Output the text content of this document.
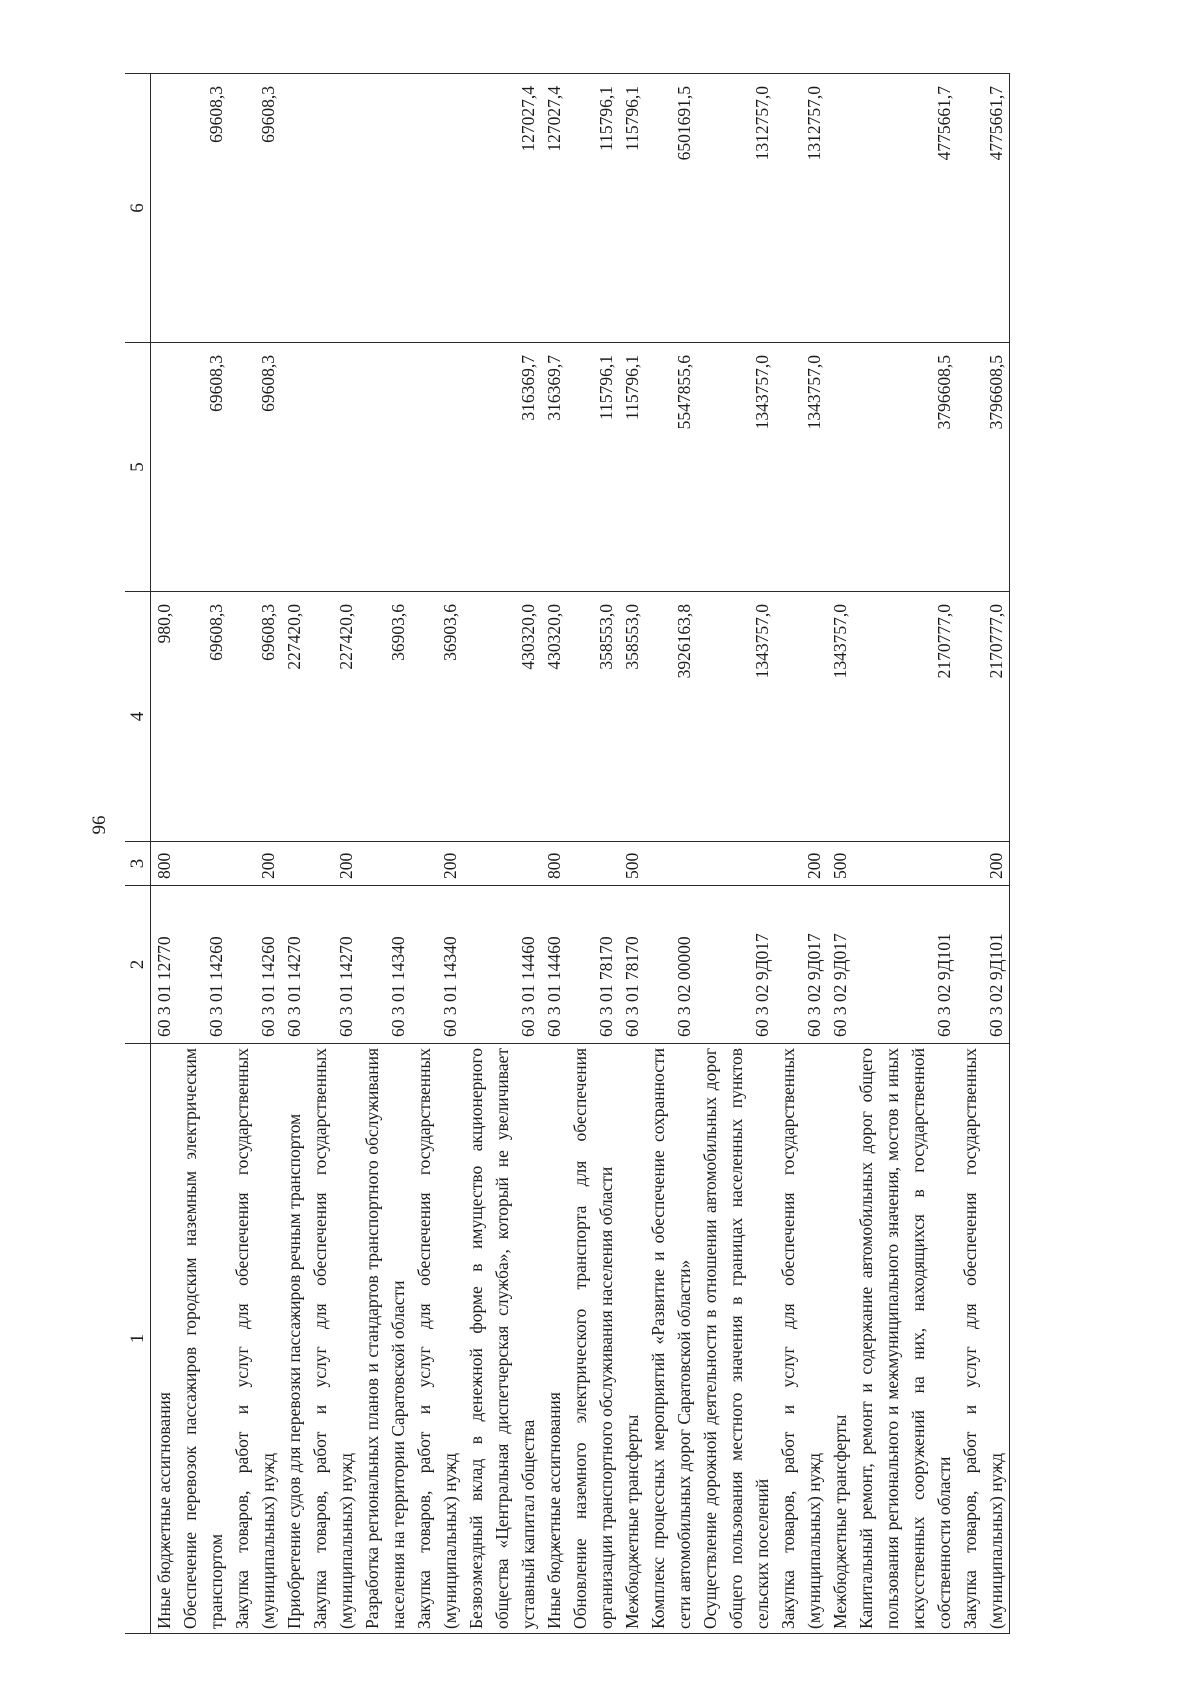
96
1	2	3	4	5	6
Иные бюджетные ассигнования	60 3 01 12770	800	980,0		
Обеспечение перевозок пассажиров городским наземным электрическим транспортом	60 3 01 14260		69608,3	69608,3	69608,3
Закупка товаров, работ и услуг для обеспечения государственных (муниципальных) нужд	60 3 01 14260	200	69608,3	69608,3	69608,3
Приобретение судов для перевозки пассажиров речным транспортом	60 3 01 14270		227420,0		
Закупка товаров, работ и услуг для обеспечения государственных (муниципальных) нужд	60 3 01 14270	200	227420,0		
Разработка региональных планов и стандартов транспортного обслуживания населения на территории Саратовской области	60 3 01 14340		36903,6		
Закупка товаров, работ и услуг для обеспечения государственных (муниципальных) нужд	60 3 01 14340	200	36903,6		
Безвозмездный вклад в денежной форме в имущество акционерного общества «Центральная диспетчерская служба», который не увеличивает уставный капитал общества	60 3 01 14460		430320,0	316369,7	127027,4
Иные бюджетные ассигнования	60 3 01 14460	800	430320,0	316369,7	127027,4
Обновление наземного электрического транспорта для обеспечения организации транспортного обслуживания населения области	60 3 01 78170		358553,0	115796,1	115796,1
Межбюджетные трансферты	60 3 01 78170	500	358553,0	115796,1	115796,1
Комплекс процессных мероприятий «Развитие и обеспечение сохранности сети автомобильных дорог Саратовской области»	60 3 02 00000		3926163,8	5547855,6	6501691,5
Осуществление дорожной деятельности в отношении автомобильных дорог общего пользования местного значения в границах населенных пунктов сельских поселений	60 3 02 9Д017		1343757,0	1343757,0	1312757,0
Закупка товаров, работ и услуг для обеспечения государственных (муниципальных) нужд	60 3 02 9Д017	200		1343757,0	1312757,0
Межбюджетные трансферты	60 3 02 9Д017	500	1343757,0		
Капитальный ремонт, ремонт и содержание автомобильных дорог общего пользования регионального и межмуниципального значения, мостов и иных искусственных сооружений на них, находящихся в государственной собственности области	60 3 02 9Д101		2170777,0	3796608,5	4775661,7
Закупка товаров, работ и услуг для обеспечения государственных (муниципальных) нужд	60 3 02 9Д101	200	2170777,0	3796608,5	4775661,7
